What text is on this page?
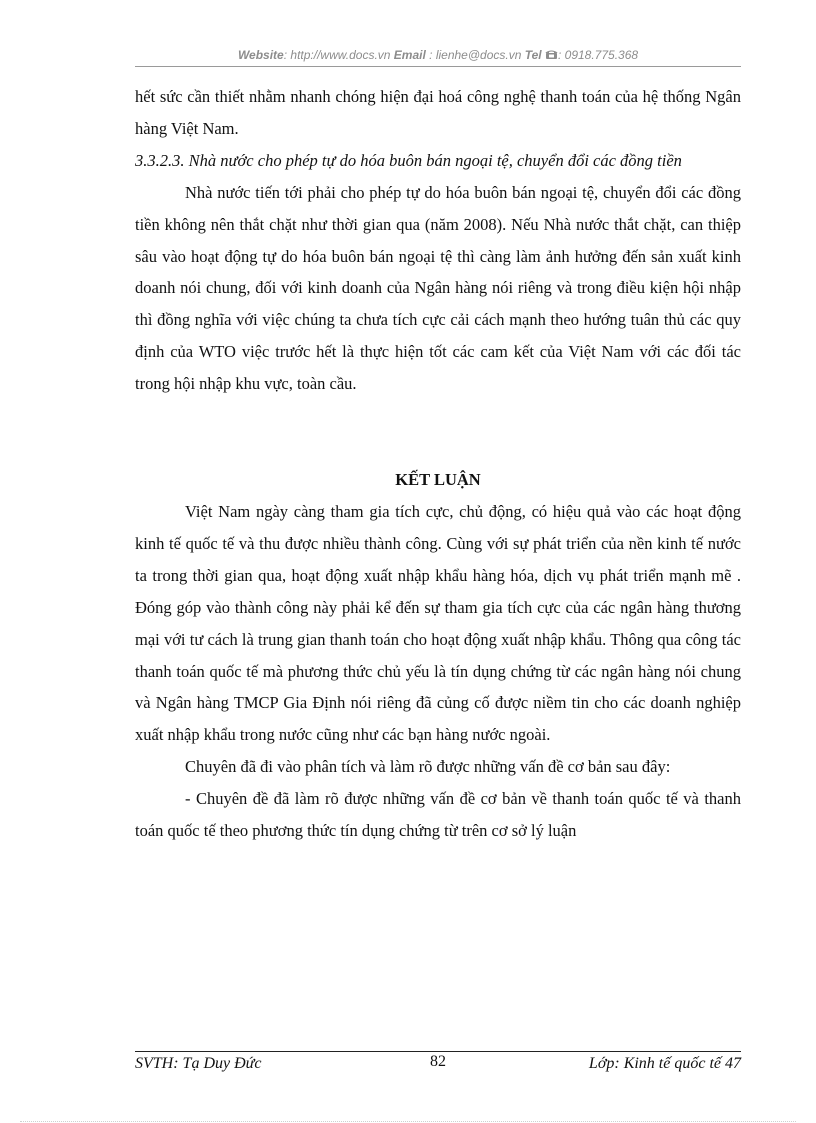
Website: http://www.docs.vn Email : lienhe@docs.vn Tel : 0918.775.368

hết sức cần thiết nhằm nhanh chóng hiện đại hoá công nghệ thanh toán của hệ thống Ngân hàng Việt Nam.

3.3.2.3. Nhà nước cho phép tự do hóa buôn bán ngoại tệ, chuyển đổi các đồng tiền

Nhà nước tiến tới phải cho phép tự do hóa buôn bán ngoại tệ, chuyển đổi các đồng tiền không nên thắt chặt như thời gian qua (năm 2008). Nếu Nhà nước thắt chặt, can thiệp sâu vào hoạt động tự do hóa buôn bán ngoại tệ thì càng làm ảnh hưởng đến sản xuất kinh doanh nói chung, đối với kinh doanh của Ngân hàng nói riêng và trong điều kiện hội nhập thì đồng nghĩa với việc chúng ta chưa tích cực cải cách mạnh theo hướng tuân thủ các quy định của WTO việc trước hết là thực hiện tốt các cam kết của Việt Nam với các đối tác trong hội nhập khu vực, toàn cầu.

KẾT LUẬN

Việt Nam ngày càng tham gia tích cực, chủ động, có hiệu quả vào các hoạt động kinh tế quốc tế và thu được nhiều thành công. Cùng với sự phát triển của nền kinh tế nước ta trong thời gian qua, hoạt động xuất nhập khẩu hàng hóa, dịch vụ phát triển mạnh mẽ . Đóng góp vào thành công này phải kể đến sự tham gia tích cực của các ngân hàng thương mại với tư cách là trung gian thanh toán cho hoạt động xuất nhập khẩu. Thông qua công tác thanh toán quốc tế mà phương thức chủ yếu là tín dụng chứng từ các ngân hàng nói chung và Ngân hàng TMCP Gia Định nói riêng đã củng cố được niềm tin cho các doanh nghiệp xuất nhập khẩu trong nước cũng như các bạn hàng nước ngoài.

Chuyên đã đi vào phân tích và làm rõ được những vấn đề cơ bản sau đây:

- Chuyên đề đã làm rõ được những vấn đề cơ bản về thanh toán quốc tế và thanh toán quốc tế theo phương thức tín dụng chứng từ trên cơ sở lý luận

SVTH: Tạ Duy Đức	82	Lớp: Kinh tế quốc tế 47
